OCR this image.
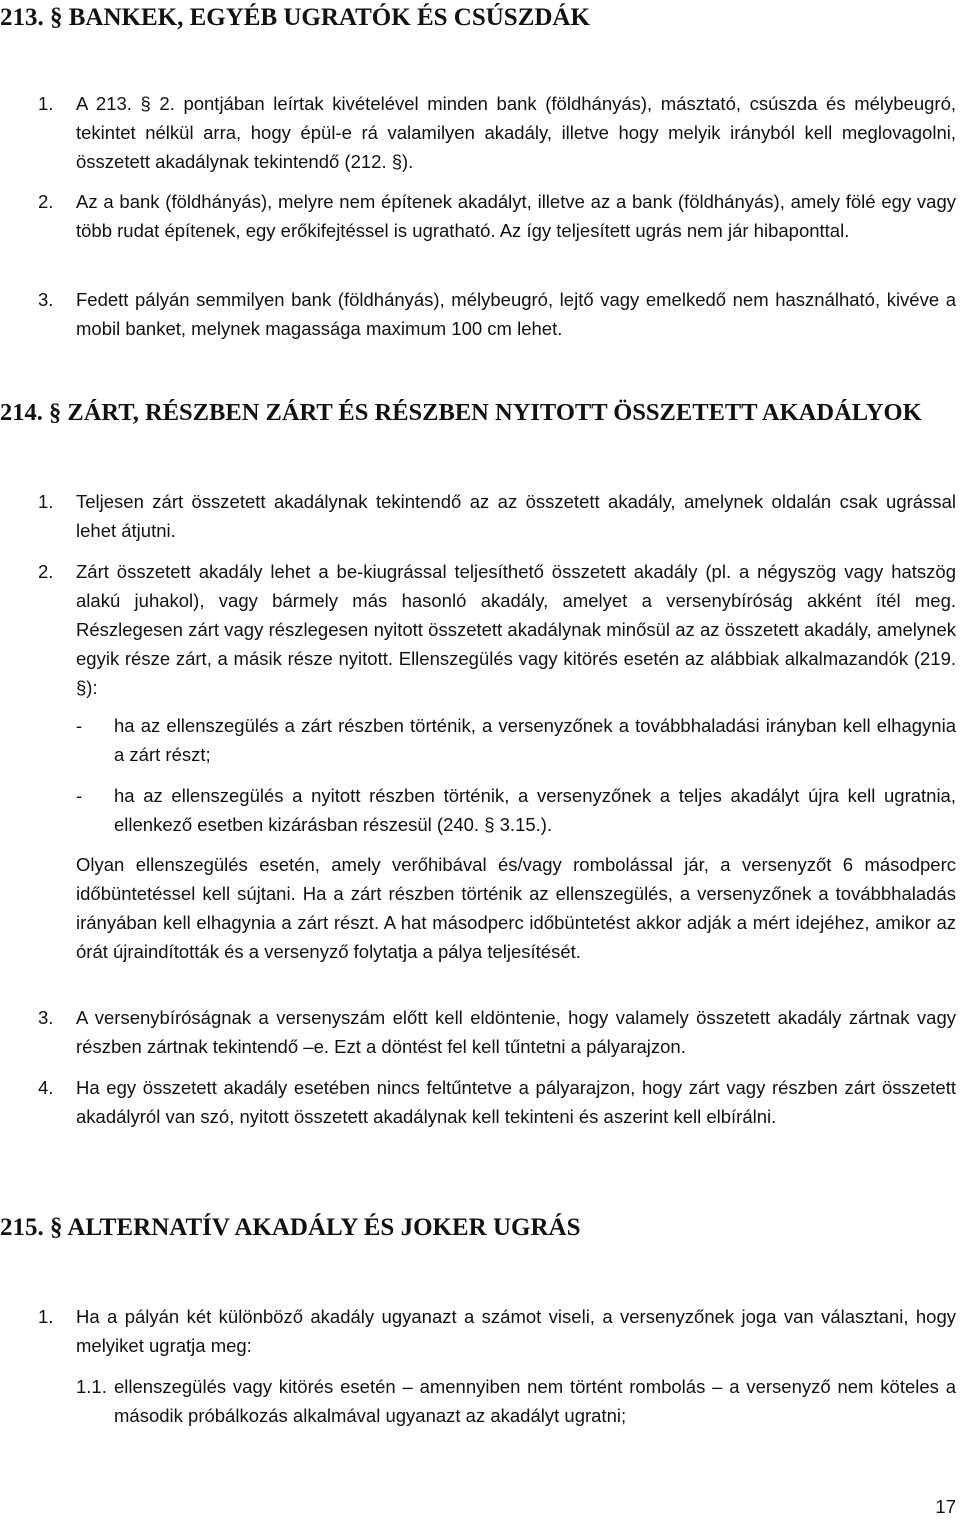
213. § BANKEK, EGYÉB UGRATÓK ÉS CSÚSZDÁK
1. A 213. § 2. pontjában leírtak kivételével minden bank (földhányás), másztató, csúszda és mélybeugró, tekintet nélkül arra, hogy épül-e rá valamilyen akadály, illetve hogy melyik irányból kell meglovagolni, összetett akadálynak tekintendő (212. §).
2. Az a bank (földhányás), melyre nem építenek akadályt, illetve az a bank (földhányás), amely fölé egy vagy több rudat építenek, egy erőkifejtéssel is ugratható. Az így teljesített ugrás nem jár hibaponttal.
3. Fedett pályán semmilyen bank (földhányás), mélybeugró, lejtő vagy emelkedő nem használható, kivéve a mobil banket, melynek magassága maximum 100 cm lehet.
214. § ZÁRT, RÉSZBEN ZÁRT ÉS RÉSZBEN NYITOTT ÖSSZETETT AKADÁLYOK
1. Teljesen zárt összetett akadálynak tekintendő az az összetett akadály, amelynek oldalán csak ugrással lehet átjutni.
2. Zárt összetett akadály lehet a be-kiugrással teljesíthető összetett akadály (pl. a négyszög vagy hatszög alakú juhakol), vagy bármely más hasonló akadály, amelyet a versenybíróság akként ítél meg. Részlegesen zárt vagy részlegesen nyitott összetett akadálynak minősül az az összetett akadály, amelynek egyik része zárt, a másik része nyitott. Ellenszegülés vagy kitörés esetén az alábbiak alkalmazandók (219. §):
- ha az ellenszegülés a zárt részben történik, a versenyzőnek a továbbhaladási irányban kell elhagynia a zárt részt;
- ha az ellenszegülés a nyitott részben történik, a versenyzőnek a teljes akadályt újra kell ugratnia, ellenkező esetben kizárásban részesül (240. § 3.15.).
Olyan ellenszegülés esetén, amely verőhibával és/vagy rombolással jár, a versenyzőt 6 másodperc időbüntetéssel kell sújtani. Ha a zárt részben történik az ellenszegülés, a versenyzőnek a továbbhaladás irányában kell elhagynia a zárt részt. A hat másodperc időbüntetést akkor adják a mért idejéhez, amikor az órát újraindították és a versenyző folytatja a pálya teljesítését.
3. A versenybíróságnak a versenyszám előtt kell eldöntenie, hogy valamely összetett akadály zártnak vagy részben zártnak tekintendő –e. Ezt a döntést fel kell tűntetni a pályarajzon.
4. Ha egy összetett akadály esetében nincs feltűntetve a pályarajzon, hogy zárt vagy részben zárt összetett akadályról van szó, nyitott összetett akadálynak kell tekinteni és aszerint kell elbírálni.
215. § ALTERNATÍV AKADÁLY ÉS JOKER UGRÁS
1. Ha a pályán két különböző akadály ugyanazt a számot viseli, a versenyzőnek joga van választani, hogy melyiket ugratja meg:
1.1. ellenszegülés vagy kitörés esetén – amennyiben nem történt rombolás – a versenyző nem köteles a második próbálkozás alkalmával ugyanazt az akadályt ugratni;
17
